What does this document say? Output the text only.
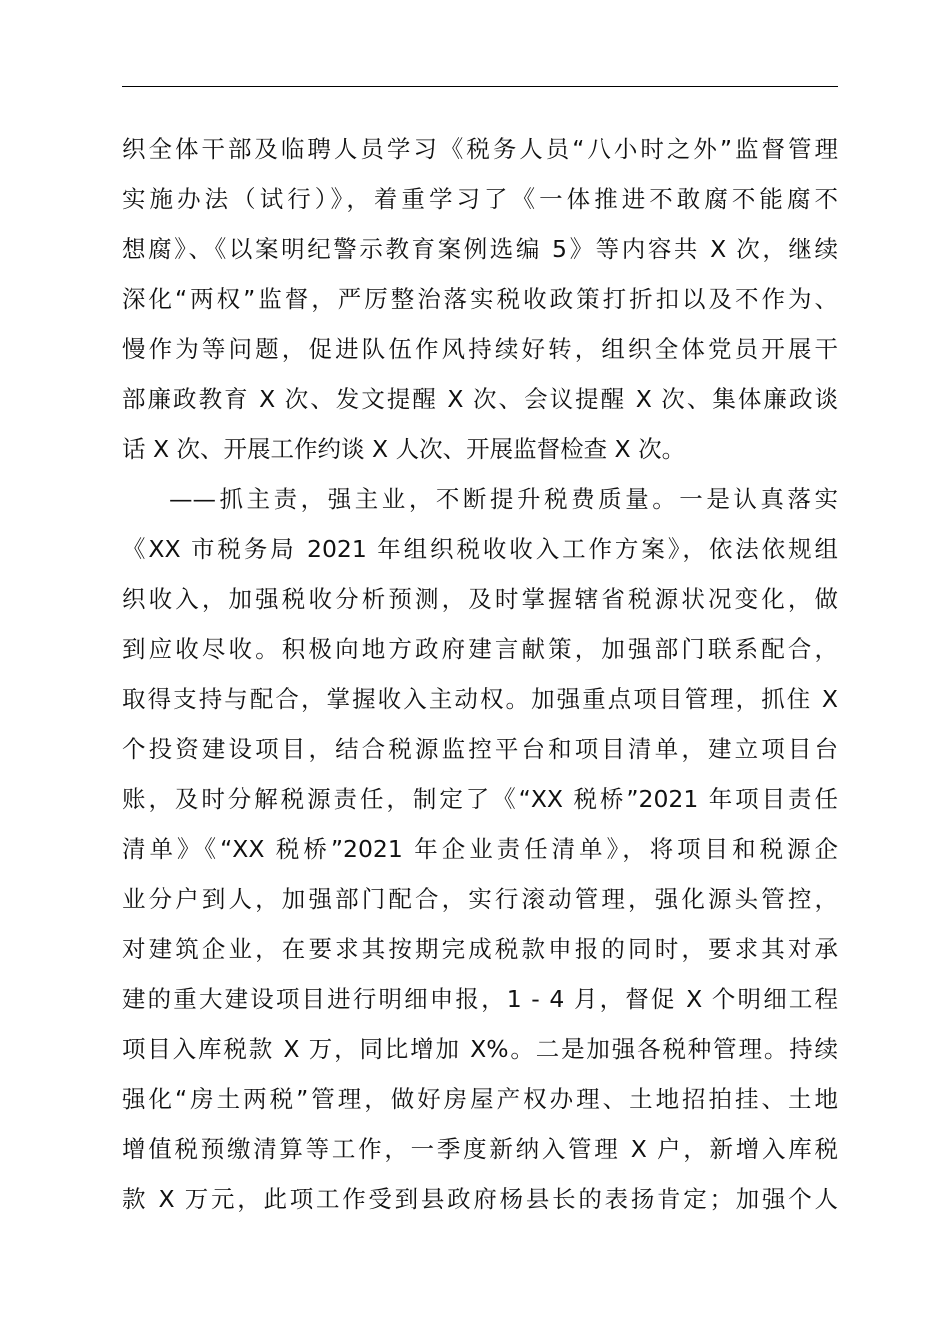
织全体干部及临聘人员学习《税务人员“八小时之外”监督管理
实施办法（试行）》，着重学习了《一体推进不敢腐不能腐不
想腐》、《以案明纪警示教育案例选编 5》等内容共 X 次，继续
深化“两权”监督，严厉整治落实税收政策打折扣以及不作为、
慢作为等问题，促进队伍作风持续好转，组织全体党员开展干
部廉政教育 X 次、发文提醒 X 次、会议提醒 X 次、集体廉政谈
话 X 次、开展工作约谈 X 人次、开展监督检查 X 次。
——抓主责，强主业，不断提升税费质量。一是认真落实
《XX 市税务局 2021 年组织税收收入工作方案》，依法依规组
织收入，加强税收分析预测，及时掌握辖省税源状况变化，做
到应收尽收。积极向地方政府建言献策，加强部门联系配合，
取得支持与配合，掌握收入主动权。加强重点项目管理，抓住 X
个投资建设项目，结合税源监控平台和项目清单，建立项目台
账，及时分解税源责任，制定了《“XX 税桥”2021 年项目责任
清单》《“XX 税桥”2021 年企业责任清单》，将项目和税源企
业分户到人，加强部门配合，实行滚动管理，强化源头管控，
对建筑企业，在要求其按期完成税款申报的同时，要求其对承
建的重大建设项目进行明细申报，1 - 4 月，督促 X 个明细工程
项目入库税款 X 万，同比增加 X%。二是加强各税种管理。持续
强化“房土两税”管理，做好房屋产权办理、土地招拍挂、土地
增值税预缴清算等工作，一季度新纳入管理 X 户，新增入库税
款 X 万元，此项工作受到县政府杨县长的表扬肯定；加强个人
